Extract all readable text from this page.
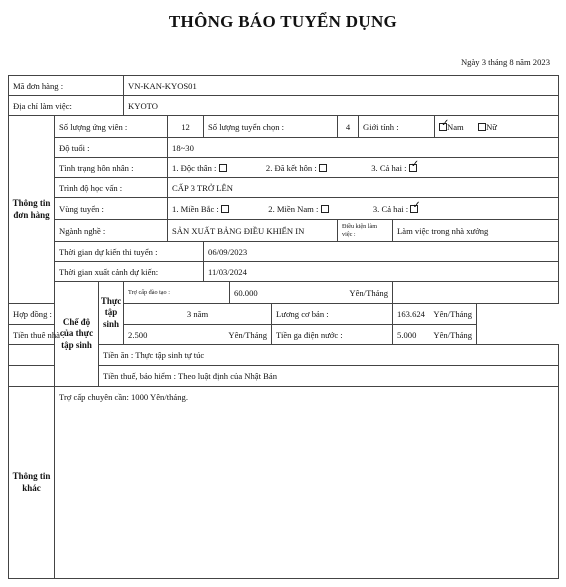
THÔNG BÁO TUYỂN DỤNG
Ngày 3 tháng 8 năm 2023
Mã đơn hàng :			VN-KAN-KYOS01									
Địa chỉ làm việc:			KYOTO									
Thông tin đơn hàng	Số lượng ứng viên :			12	Số lượng tuyển chọn :			4	Giới tính :	✓Nam Nữ
	Độ tuổi :			18~30								
	Tình trạng hôn nhân :			1. Độc thân : 2. Đã kết hôn : 3. Cả hai : ✓
	Trình độ học vấn :			CẤP 3 TRỞ LÊN								
	Vùng tuyển :			1. Miền Bắc : 2. Miền Nam : 3. Cả hai : ✓
	Ngành nghề :			SẢN XUẤT BẢNG ĐIỀU KHIỂN IN				Điều kiện làm việc :		Làm việc trong nhà xưởng		
	Thời gian dự kiến thi tuyển :				06/09/2023							
	Thời gian xuất cảnh dự kiến:				11/03/2024							
	Chế độ của thực tập sinh	Thực tập sinh	Trợ cấp đào tạo :			60.000 Yên/Tháng						

Hợp đồng :			3 năm				Lương cơ bản :			163.624 Yên/Tháng		

Tiền thuê nhà :			2.500 Yên/Tháng				Tiền ga điện nước :			5.000 Yên/Tháng		

		Tiền ăn : Thực tập sinh tự túc										
		Tiền thuế, bảo hiểm : Theo luật định của Nhật Bản										
Thông tin khác	Trợ cấp chuyên cần: 1000 Yên/tháng.											
